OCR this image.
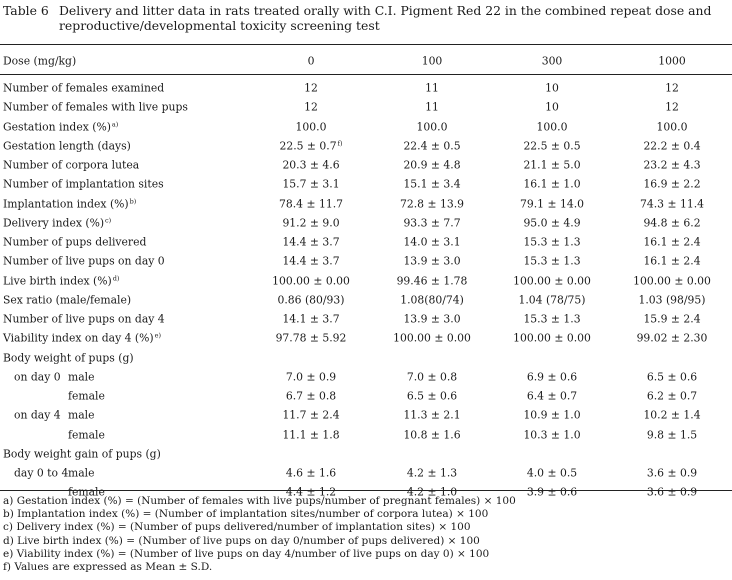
Table 6 Delivery and litter data in rats treated orally with C.I. Pigment Red 22 in the combined repeat dose and reproductive/developmental toxicity screening test
Dose (mg/kg)	0	100	300	1000
Number of females examined	12	11	10	12
Number of females with live pups	12	11	10	12
Gestation index (%)$^{a)}$	100.0	100.0	100.0	100.0
Gestation length (days)	$22.5 \pm 0.7^{f)}$	22.4 ± 0.5	22.5 ± 0.5	22.2 ± 0.4
Number of corpora lutea	20.3 ± 4.6	20.9 ± 4.8	21.1 ± 5.0	23.2 ± 4.3
Number of implantation sites	15.7 ± 3.1	15.1 ± 3.4	16.1 ± 1.0	16.9 ± 2.2
Implantation index (%)$^{b)}$	78.4 ± 11.7	72.8 ± 13.9	79.1 ± 14.0	74.3 ± 11.4
Delivery index (%)$^{c)}$	91.2 ± 9.0	93.3 ± 7.7	95.0 ± 4.9	94.8 ± 6.2
Number of pups delivered	14.4 ± 3.7	14.0 ± 3.1	15.3 ± 1.3	16.1 ± 2.4
Number of live pups on day 0	14.4 ± 3.7	13.9 ± 3.0	15.3 ± 1.3	16.1 ± 2.4
Live birth index (%)$^{d)}$	100.00 ± 0.00	99.46 ± 1.78	100.00 ± 0.00	100.00 ± 0.00
Sex ratio (male/female)	0.86 (80/93)	1.08(80/74)	1.04 (78/75)	1.03 (98/95)
Number of live pups on day 4	14.1 ± 3.7	13.9 ± 3.0	15.3 ± 1.3	15.9 ± 2.4
Viability index on day 4 (%)$^{e)}$	97.78 ± 5.92	100.00 ± 0.00	100.00 ± 0.00	99.02 ± 2.30
Body weight of pups (g)
on day 0 male	7.0 ± 0.9	7.0 ± 0.8	6.9 ± 0.6	6.5 ± 0.6
female	6.7 ± 0.8	6.5 ± 0.6	6.4 ± 0.7	6.2 ± 0.7
on day 4 male	11.7 ± 2.4	11.3 ± 2.1	10.9 ± 1.0	10.2 ± 1.4
female	11.1 ± 1.8	10.8 ± 1.6	10.3 ± 1.0	9.8 ± 1.5
Body weight gain of pups (g)
day 0 to 4 male	4.6 ± 1.6	4.2 ± 1.3	4.0 ± 0.5	3.6 ± 0.9
female	4.4 ± 1.2	4.2 ± 1.0	3.9 ± 0.6	3.6 ± 0.9
a) Gestation index (%) = (Number of females with live pups/number of pregnant females) × 100
b) Implantation index (%) = (Number of implantation sites/number of corpora lutea) × 100
c) Delivery index (%) = (Number of pups delivered/number of implantation sites) × 100
d) Live birth index (%) = (Number of live pups on day 0/number of pups delivered) × 100
e) Viability index (%) = (Number of live pups on day 4/number of live pups on day 0) × 100
f) Values are expressed as Mean ± S.D.
